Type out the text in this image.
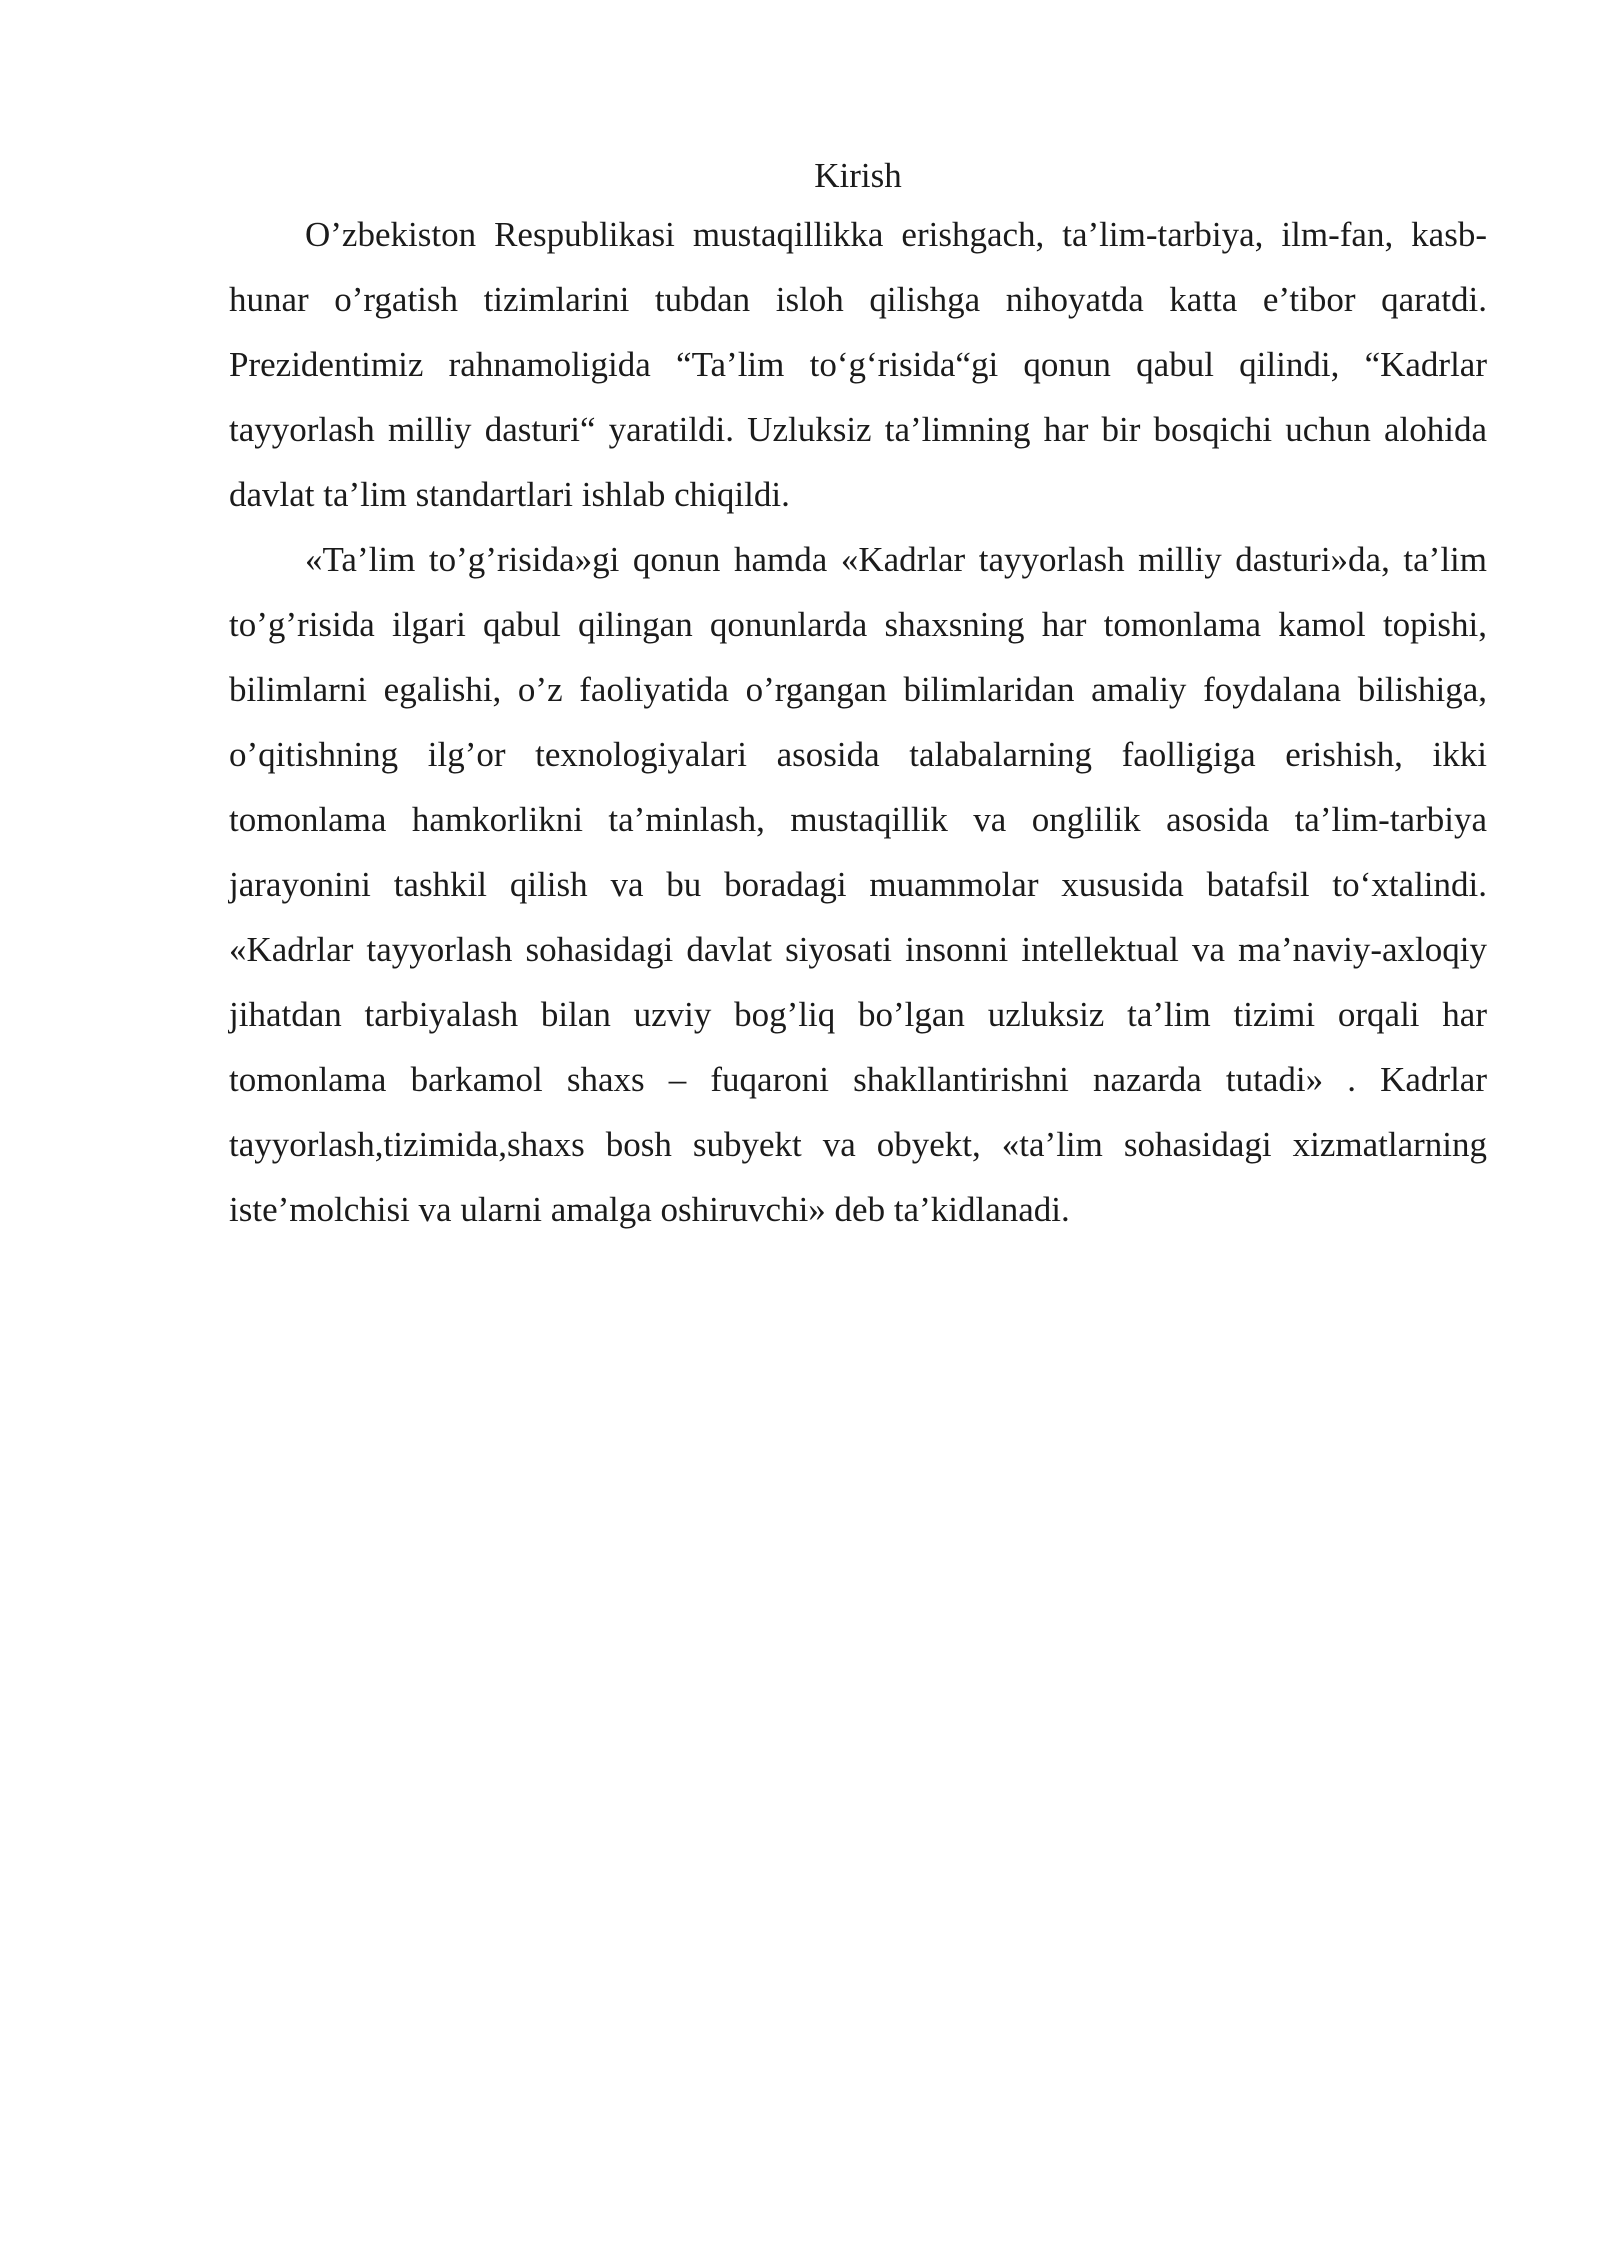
Kirish

O’zbekiston Respublikasi mustaqillikka erishgach, ta’lim-tarbiya, ilm-fan, kasb-hunar o’rgatish tizimlarini tubdan isloh qilishga nihoyatda katta e’tibor qaratdi. Prezidentimiz rahnamoligida “Ta’lim to‘g‘risida“gi qonun qabul qilindi, “Kadrlar tayyorlash milliy dasturi“ yaratildi. Uzluksiz ta’limning har bir bosqichi uchun alohida davlat ta’lim standartlari ishlab chiqildi.

«Ta’lim to’g’risida»gi qonun hamda «Kadrlar tayyorlash milliy dasturi»da, ta’lim to’g’risida ilgari qabul qilingan qonunlarda shaxsning har tomonlama kamol topishi, bilimlarni egalishi, o’z faoliyatida o’rgangan bilimlaridan amaliy foydalana bilishiga, o’qitishning ilg’or texnologiyalari asosida talabalarning faolligiga erishish, ikki tomonlama hamkorlikni ta’minlash, mustaqillik va onglilik asosida ta’lim-tarbiya jarayonini tashkil qilish va bu boradagi muammolar xususida batafsil to‘xtalindi. «Kadrlar tayyorlash sohasidagi davlat siyosati insonni intellektual va ma’naviy-axloqiy jihatdan tarbiyalash bilan uzviy bog’liq bo’lgan uzluksiz ta’lim tizimi orqali har tomonlama barkamol shaxs – fuqaroni shakllantirishni nazarda tutadi» . Kadrlar tayyorlash,tizimida,shaxs bosh subyekt va obyekt, «ta’lim sohasidagi xizmatlarning iste’molchisi va ularni amalga oshiruvchi» deb ta’kidlanadi.
